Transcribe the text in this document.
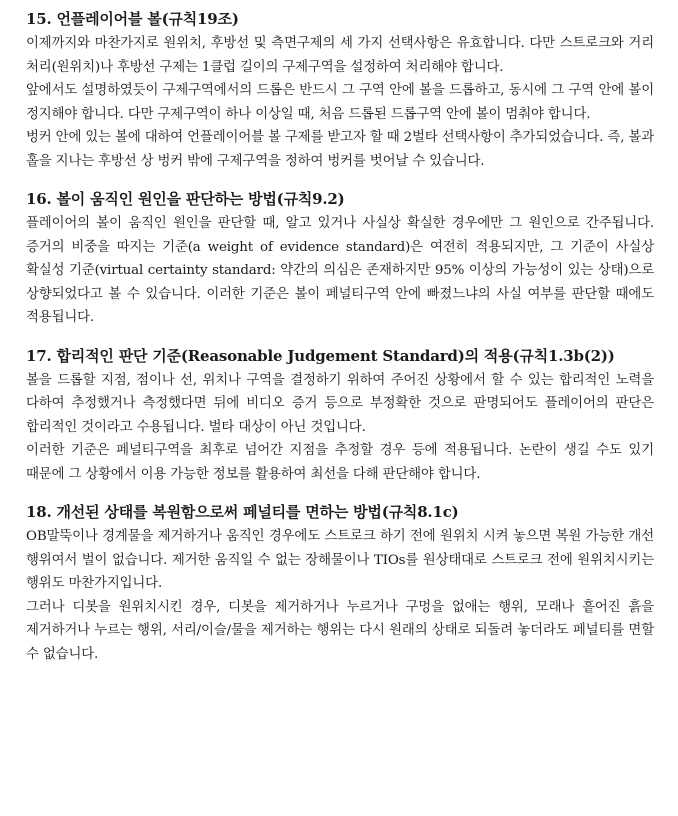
15. 언플레이어블 볼(규칙19조)

이제까지와 마찬가지로 원위치, 후방선 및 측면구제의 세 가지 선택사항은 유효합니다. 다만 스트로크와 거리 처리(원위치)나 후방선 구제는 1클럽 길이의 구제구역을 설정하여 처리해야 합니다.

앞에서도 설명하였듯이 구제구역에서의 드롭은 반드시 그 구역 안에 볼을 드롭하고, 동시에 그 구역 안에 볼이 정지해야 합니다. 다만 구제구역이 하나 이상일 때, 처음 드롭된 드롭구역 안에 볼이 멈춰야 합니다.

벙커 안에 있는 볼에 대하여 언플레이어블 볼 구제를 받고자 할 때 2벌타 선택사항이 추가되었습니다. 즉, 볼과 홀을 지나는 후방선 상 벙커 밖에 구제구역을 정하여 벙커를 벗어날 수 있습니다.

16. 볼이 움직인 원인을 판단하는 방법(규칙9.2)

플레이어의 볼이 움직인 원인을 판단할 때, 알고 있거나 사실상 확실한 경우에만 그 원인으로 간주됩니다. 증거의 비중을 따지는 기준(a weight of evidence standard)은 여전히 적용되지만, 그 기준이 사실상 확실성 기준(virtual certainty standard: 약간의 의심은 존재하지만 95% 이상의 가능성이 있는 상태)으로 상향되었다고 볼 수 있습니다. 이러한 기준은 볼이 페널티구역 안에 빠졌느냐의 사실 여부를 판단할 때에도 적용됩니다.

17. 합리적인 판단 기준(Reasonable Judgement Standard)의 적용(규칙1.3b(2))

볼을 드롭할 지점, 점이나 선, 위치나 구역을 결정하기 위하여 주어진 상황에서 할 수 있는 합리적인 노력을 다하여 추정했거나 측정했다면 뒤에 비디오 증거 등으로 부정확한 것으로 판명되어도 플레이어의 판단은 합리적인 것이라고 수용됩니다. 벌타 대상이 아닌 것입니다.

이러한 기준은 페널티구역을 최후로 넘어간 지점을 추정할 경우 등에 적용됩니다. 논란이 생길 수도 있기 때문에 그 상황에서 이용 가능한 정보를 활용하여 최선을 다해 판단해야 합니다.

18. 개선된 상태를 복원함으로써 페널티를 면하는 방법(규칙8.1c)

OB말뚝이나 경계물을 제거하거나 움직인 경우에도 스트로크 하기 전에 원위치 시켜 놓으면 복원 가능한 개선 행위여서 벌이 없습니다. 제거한 움직일 수 없는 장해물이나 TIOs를 원상태대로 스트로크 전에 원위치시키는 행위도 마찬가지입니다.

그러나 디봇을 원위치시킨 경우, 디봇을 제거하거나 누르거나 구멍을 없애는 행위, 모래나 흩어진 흙을 제거하거나 누르는 행위, 서리/이슬/물을 제거하는 행위는 다시 원래의 상태로 되돌려 놓더라도 페널티를 면할 수 없습니다.
